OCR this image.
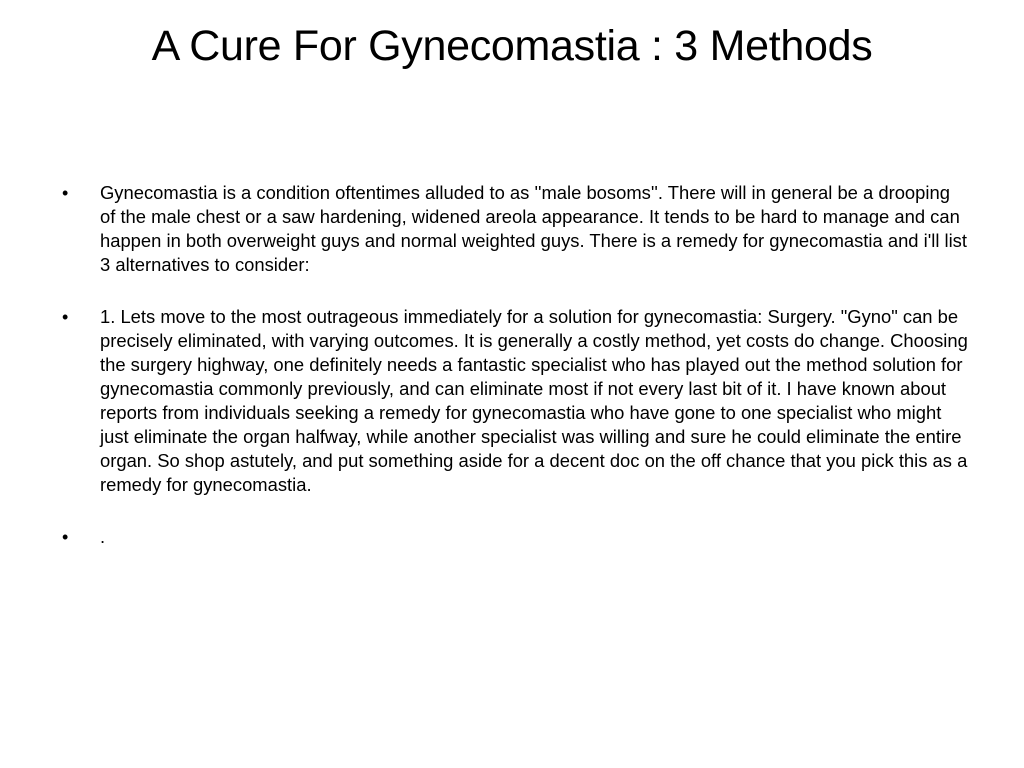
A Cure For Gynecomastia : 3 Methods
• Gynecomastia is a condition oftentimes alluded to as ''male bosoms''. There will in general be a drooping of the male chest or a saw hardening, widened areola appearance. It tends to be hard to manage and can happen in both overweight guys and normal weighted guys. There is a remedy for gynecomastia and i'll list 3 alternatives to consider:
• 1. Lets move to the most outrageous immediately for a solution for gynecomastia: Surgery. "Gyno" can be precisely eliminated, with varying outcomes. It is generally a costly method, yet costs do change. Choosing the surgery highway, one definitely needs a fantastic specialist who has played out the method solution for gynecomastia commonly previously, and can eliminate most if not every last bit of it. I have known about reports from individuals seeking a remedy for gynecomastia who have gone to one specialist who might just eliminate the organ halfway, while another specialist was willing and sure he could eliminate the entire organ. So shop astutely, and put something aside for a decent doc on the off chance that you pick this as a remedy for gynecomastia.
• .
